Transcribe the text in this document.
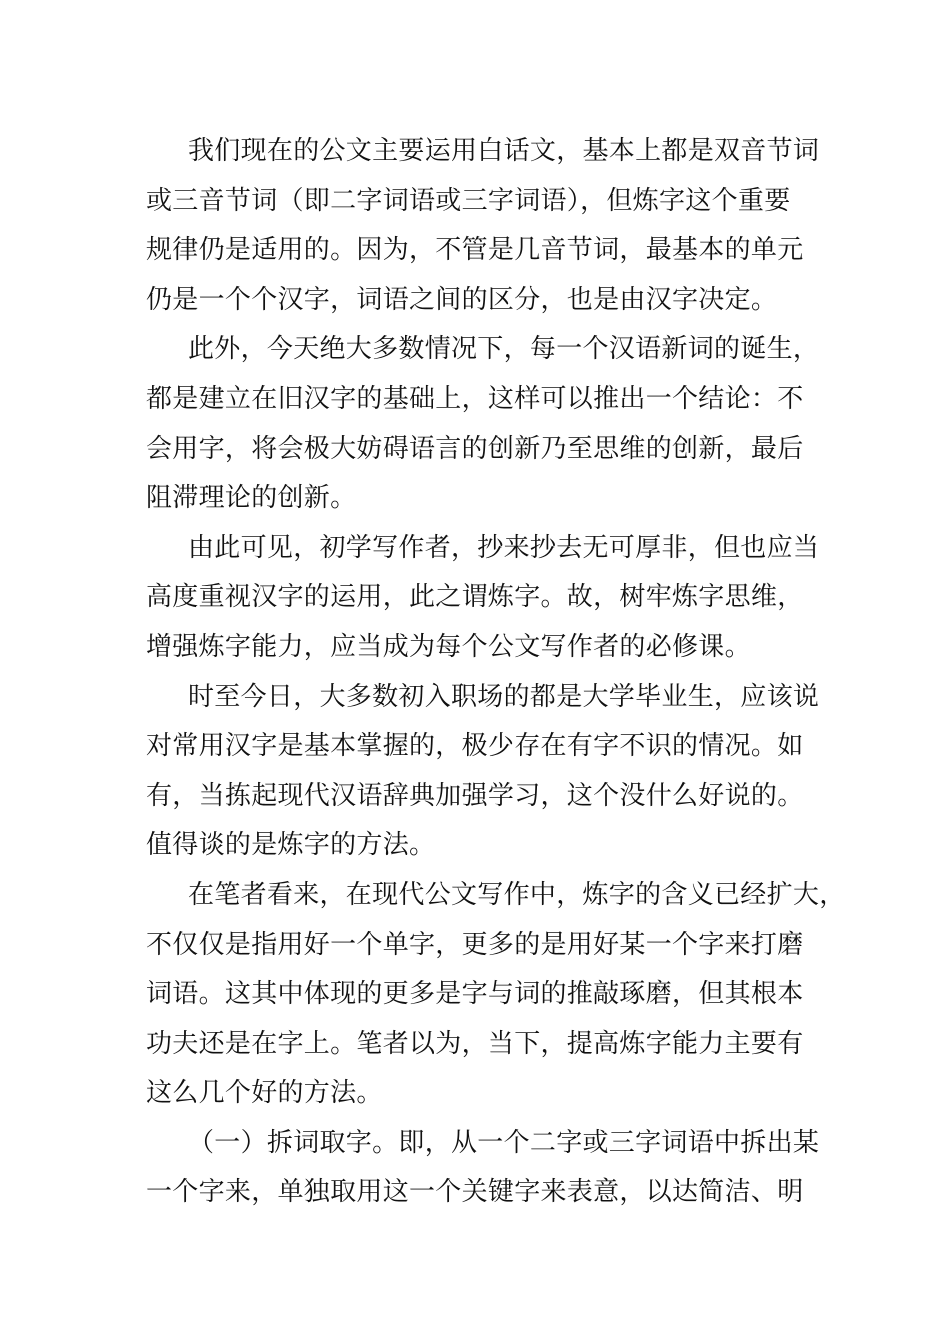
我们现在的公文主要运用白话文，基本上都是双音节词
或三音节词（即二字词语或三字词语），但炼字这个重要
规律仍是适用的。因为，不管是几音节词，最基本的单元
仍是一个个汉字，词语之间的区分，也是由汉字决定。
此外，今天绝大多数情况下，每一个汉语新词的诞生，
都是建立在旧汉字的基础上，这样可以推出一个结论：不
会用字，将会极大妨碍语言的创新乃至思维的创新，最后
阻滞理论的创新。
由此可见，初学写作者，抄来抄去无可厚非，但也应当
高度重视汉字的运用，此之谓炼字。故，树牢炼字思维，
增强炼字能力，应当成为每个公文写作者的必修课。
时至今日，大多数初入职场的都是大学毕业生，应该说
对常用汉字是基本掌握的，极少存在有字不识的情况。如
有，当拣起现代汉语辞典加强学习，这个没什么好说的。
值得谈的是炼字的方法。
在笔者看来，在现代公文写作中，炼字的含义已经扩大，
不仅仅是指用好一个单字，更多的是用好某一个字来打磨
词语。这其中体现的更多是字与词的推敲琢磨，但其根本
功夫还是在字上。笔者以为，当下，提高炼字能力主要有
这么几个好的方法。
（一）拆词取字。即，从一个二字或三字词语中拆出某
一个字来，单独取用这一个关键字来表意，以达简洁、明
